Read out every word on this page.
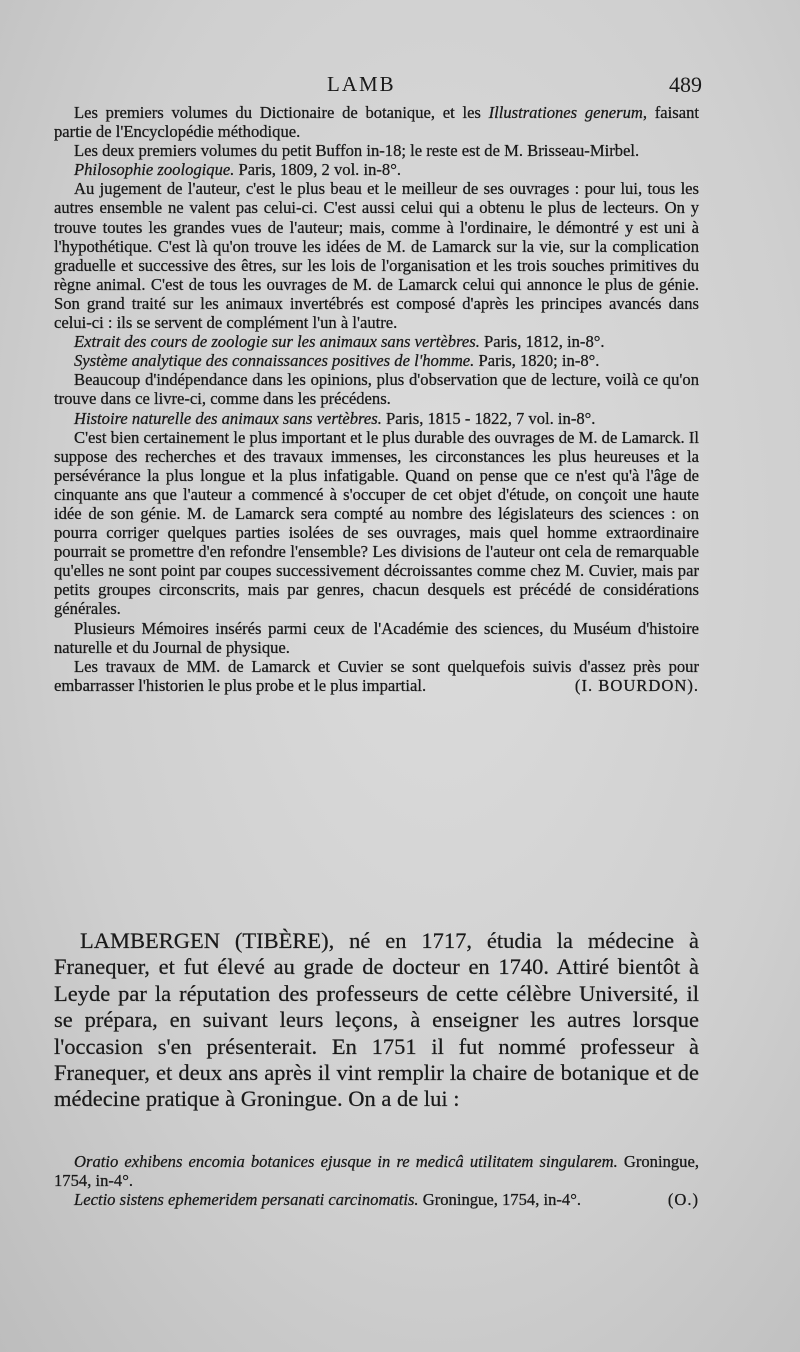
LAMB	489

Les premiers volumes du Dictionaire de botanique, et les Illustrationes generum, faisant partie de l'Encyclopédie méthodique.

Les deux premiers volumes du petit Buffon in-18; le reste est de M. Brisseau-Mirbel.

Philosophie zoologique. Paris, 1809, 2 vol. in-8°.

Au jugement de l'auteur, c'est le plus beau et le meilleur de ses ouvrages : pour lui, tous les autres ensemble ne valent pas celui-ci. C'est aussi celui qui a obtenu le plus de lecteurs. On y trouve toutes les grandes vues de l'auteur; mais, comme à l'ordinaire, le démontré y est uni à l'hypothétique. C'est là qu'on trouve les idées de M. de Lamarck sur la vie, sur la complication graduelle et successive des êtres, sur les lois de l'organisation et les trois souches primitives du règne animal. C'est de tous les ouvrages de M. de Lamarck celui qui annonce le plus de génie. Son grand traité sur les animaux invertébrés est composé d'après les principes avancés dans celui-ci : ils se servent de complément l'un à l'autre.

Extrait des cours de zoologie sur les animaux sans vertèbres. Paris, 1812, in-8°.

Système analytique des connaissances positives de l'homme. Paris, 1820; in-8°.

Beaucoup d'indépendance dans les opinions, plus d'observation que de lecture, voilà ce qu'on trouve dans ce livre-ci, comme dans les précédens.

Histoire naturelle des animaux sans vertèbres. Paris, 1815 - 1822, 7 vol. in-8°.

C'est bien certainement le plus important et le plus durable des ouvrages de M. de Lamarck. Il suppose des recherches et des travaux immenses, les circonstances les plus heureuses et la persévérance la plus longue et la plus infatigable. Quand on pense que ce n'est qu'à l'âge de cinquante ans que l'auteur a commencé à s'occuper de cet objet d'étude, on conçoit une haute idée de son génie. M. de Lamarck sera compté au nombre des législateurs des sciences : on pourra corriger quelques parties isolées de ses ouvrages, mais quel homme extraordinaire pourrait se promettre d'en refondre l'ensemble? Les divisions de l'auteur ont cela de remarquable qu'elles ne sont point par coupes successivement décroissantes comme chez M. Cuvier, mais par petits groupes circonscrits, mais par genres, chacun desquels est précédé de considérations générales.

Plusieurs Mémoires insérés parmi ceux de l'Académie des sciences, du Muséum d'histoire naturelle et du Journal de physique.

Les travaux de MM. de Lamarck et Cuvier se sont quelquefois suivis d'assez près pour embarrasser l'historien le plus probe et le plus impartial.	(I. BOURDON).

LAMBERGEN (TIBÈRE), né en 1717, étudia la médecine à Franequer, et fut élevé au grade de docteur en 1740. Attiré bientôt à Leyde par la réputation des professeurs de cette célèbre Université, il se prépara, en suivant leurs leçons, à enseigner les autres lorsque l'occasion s'en présenterait. En 1751 il fut nommé professeur à Franequer, et deux ans après il vint remplir la chaire de botanique et de médecine pratique à Groningue. On a de lui :

Oratio exhibens encomia botanices ejusque in re medicâ utilitatem singularem. Groningue, 1754, in-4°.

Lectio sistens ephemeridem persanati carcinomatis. Groningue, 1754, in-4°.	(O.)
